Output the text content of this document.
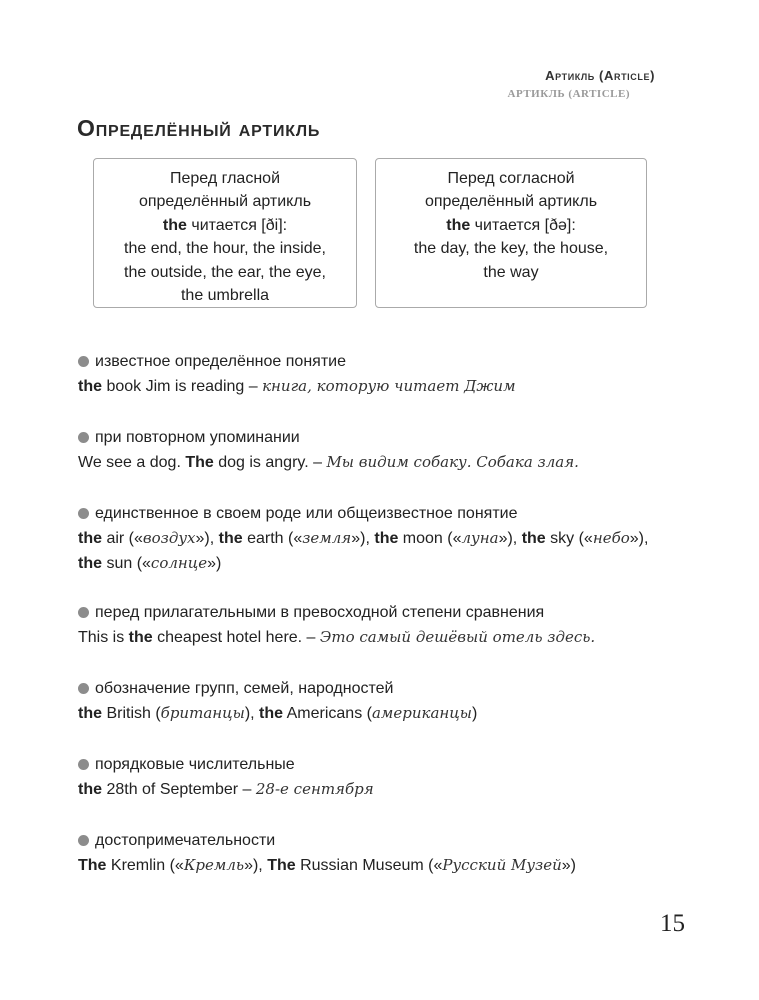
Артикль (Article)
АРТИКЛЬ (ARTICLE)
Определённый артикль
Перед гласной
определённый артикль
the читается [ði]:
the end, the hour, the inside,
the outside, the ear, the eye,
the umbrella
Перед согласной
определённый артикль
the читается [ðə]:
the day, the key, the house,
the way
известное определённое понятие
the book Jim is reading – книга, которую читает Джим
при повторном упоминании
We see a dog. The dog is angry. – Мы видим собаку. Собака злая.
единственное в своем роде или общеизвестное понятие
the air («воздух»), the earth («земля»), the moon («луна»), the sky («небо»),
the sun («солнце»)
перед прилагательными в превосходной степени сравнения
This is the cheapest hotel here. – Это самый дешёвый отель здесь.
обозначение групп, семей, народностей
the British (британцы), the Americans (американцы)
порядковые числительные
the 28th of September – 28-е сентября
достопримечательности
The Kremlin («Кремль»), The Russian Museum («Русский Музей»)
15
